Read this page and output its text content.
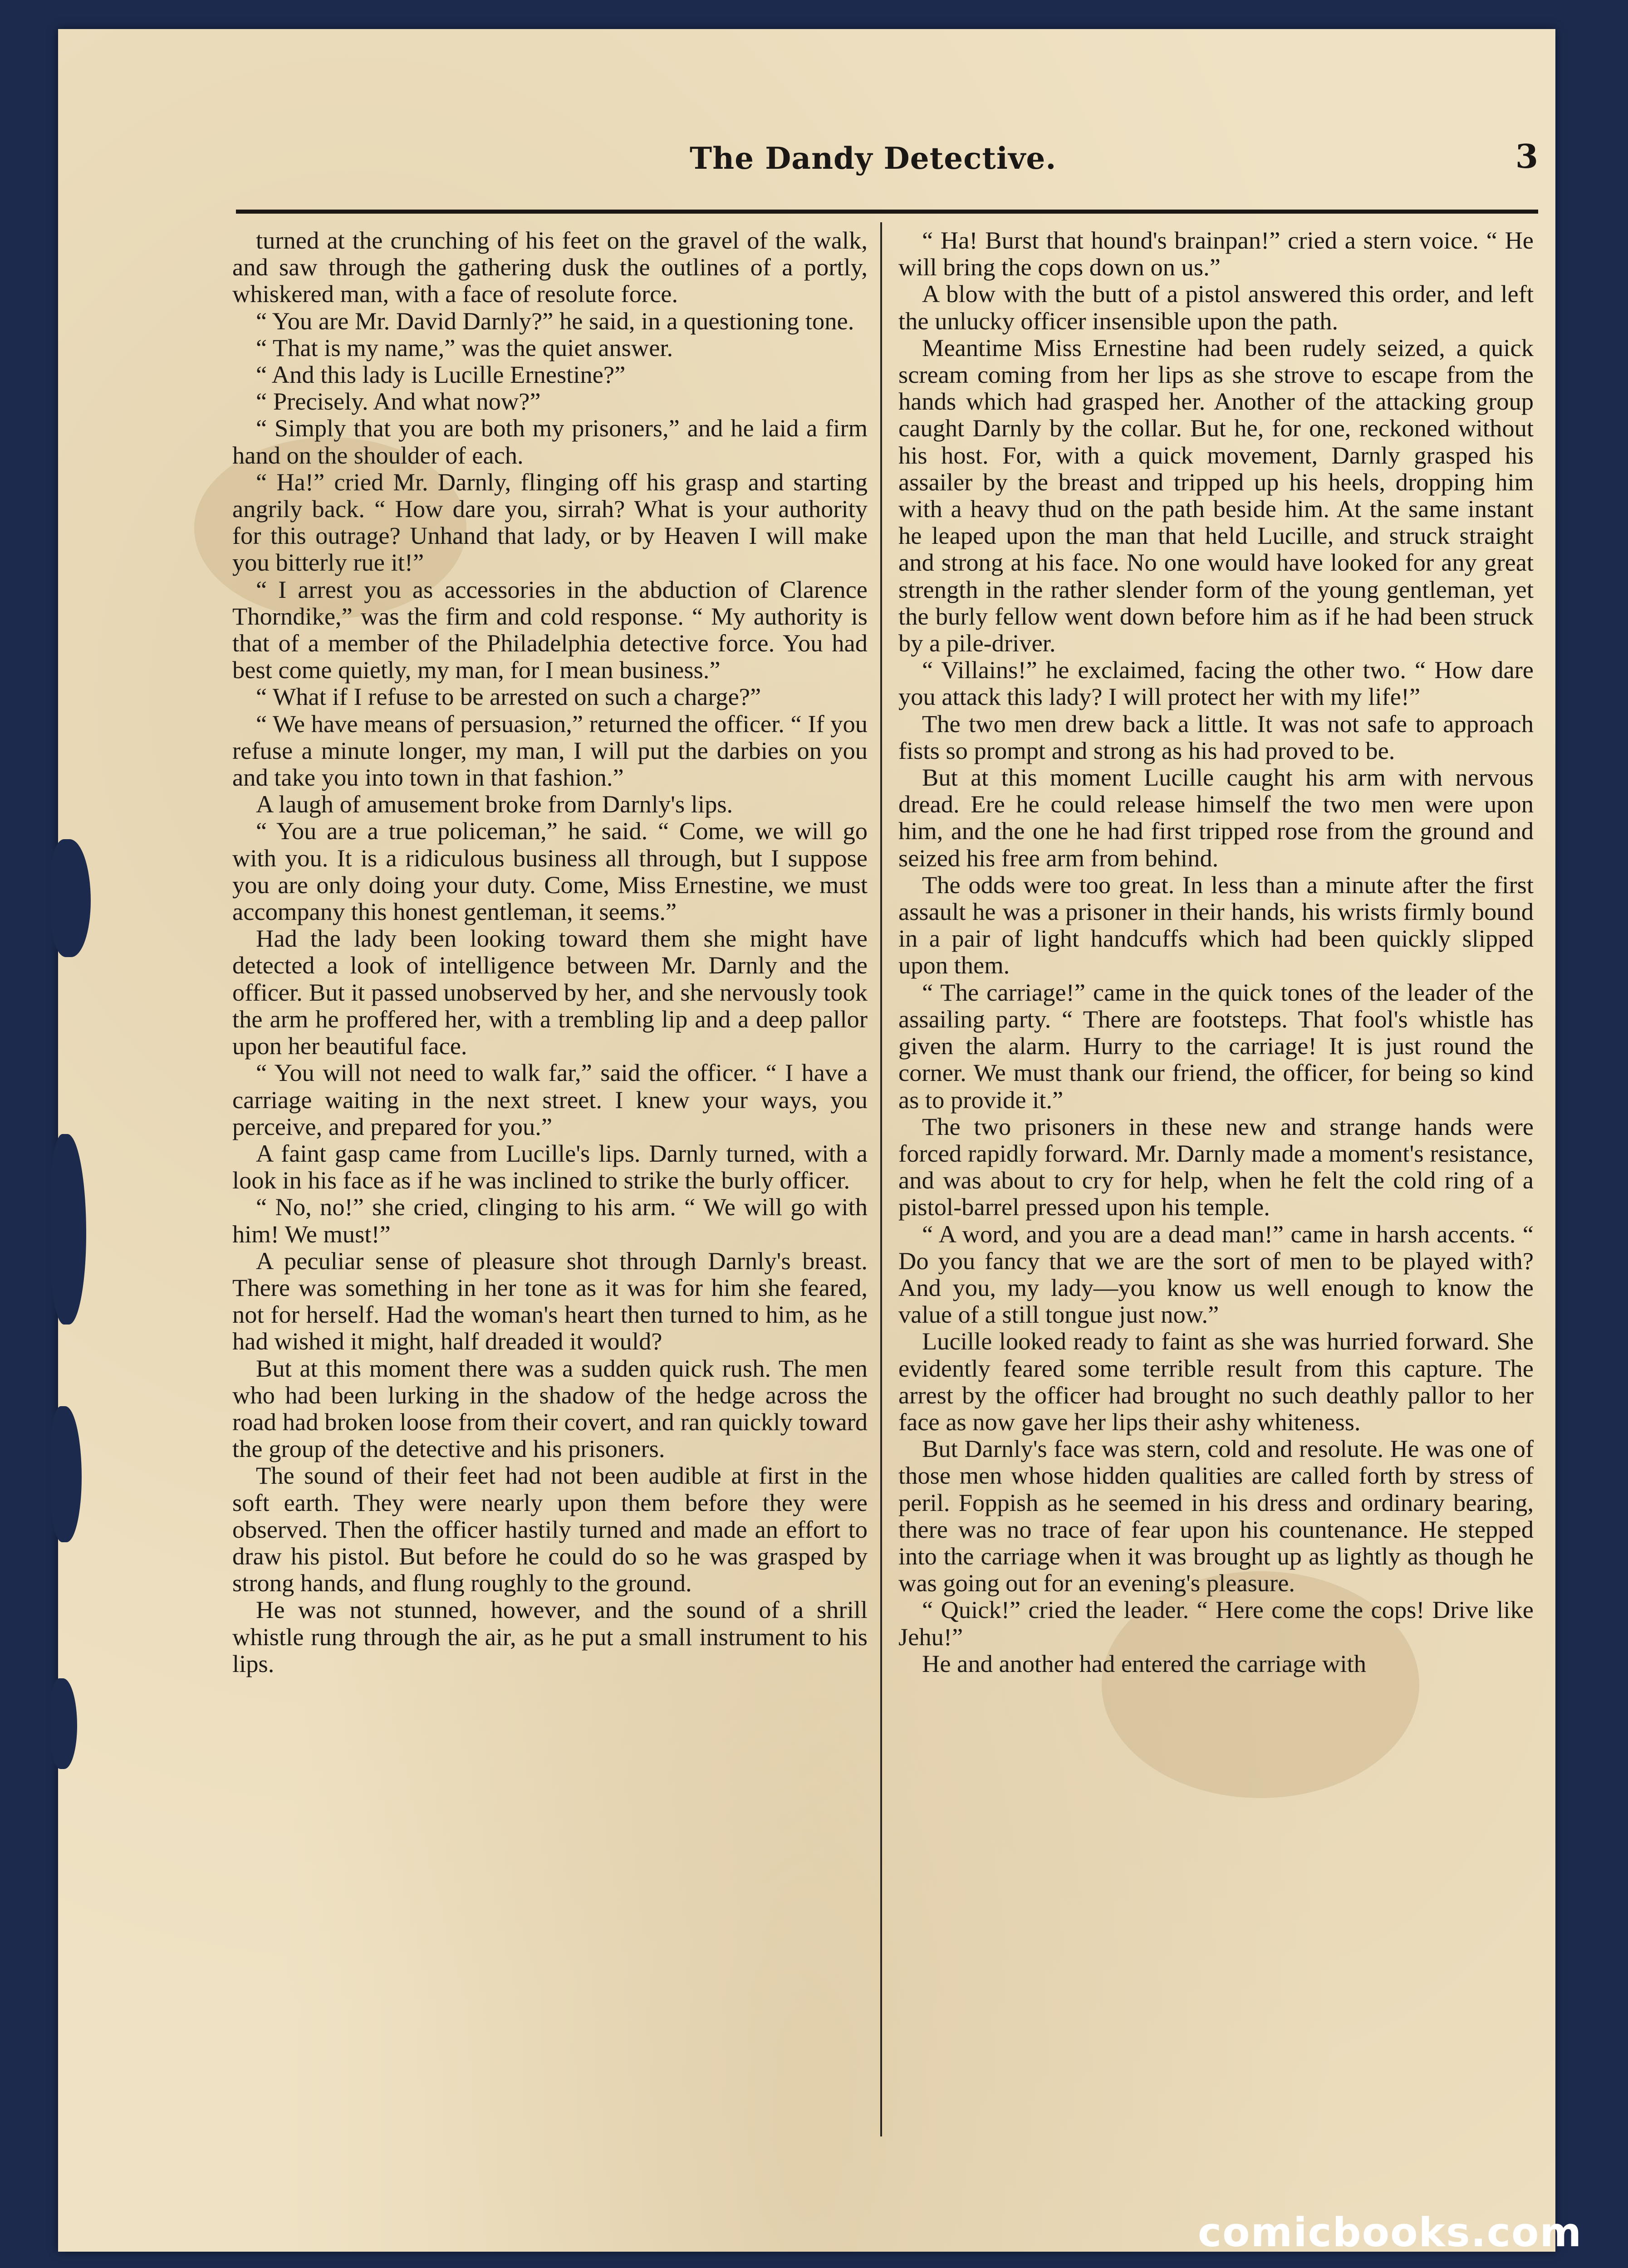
The Dandy Detective.	3

turned at the crunching of his feet on the gravel of the walk, and saw through the gathering dusk the outlines of a portly, whiskered man, with a face of resolute force.

“ You are Mr. David Darnly?” he said, in a questioning tone.

“ That is my name,” was the quiet answer.

“ And this lady is Lucille Ernestine?”

“ Precisely. And what now?”

“ Simply that you are both my prisoners,” and he laid a firm hand on the shoulder of each.

“ Ha!” cried Mr. Darnly, flinging off his grasp and starting angrily back. “ How dare you, sirrah? What is your authority for this outrage? Unhand that lady, or by Heaven I will make you bitterly rue it!”

“ I arrest you as accessories in the abduction of Clarence Thorndike,” was the firm and cold response. “ My authority is that of a member of the Philadelphia detective force. You had best come quietly, my man, for I mean business.”

“ What if I refuse to be arrested on such a charge?”

“ We have means of persuasion,” returned the officer. “ If you refuse a minute longer, my man, I will put the darbies on you and take you into town in that fashion.”

A laugh of amusement broke from Darnly's lips.

“ You are a true policeman,” he said. “ Come, we will go with you. It is a ridiculous business all through, but I suppose you are only doing your duty. Come, Miss Ernestine, we must accompany this honest gentleman, it seems.”

Had the lady been looking toward them she might have detected a look of intelligence between Mr. Darnly and the officer. But it passed unobserved by her, and she nervously took the arm he proffered her, with a trembling lip and a deep pallor upon her beautiful face.

“ You will not need to walk far,” said the officer. “ I have a carriage waiting in the next street. I knew your ways, you perceive, and prepared for you.”

A faint gasp came from Lucille's lips. Darnly turned, with a look in his face as if he was inclined to strike the burly officer.

“ No, no!” she cried, clinging to his arm. “ We will go with him! We must!”

A peculiar sense of pleasure shot through Darnly's breast. There was something in her tone as it was for him she feared, not for herself. Had the woman's heart then turned to him, as he had wished it might, half dreaded it would?

But at this moment there was a sudden quick rush. The men who had been lurking in the shadow of the hedge across the road had broken loose from their covert, and ran quickly toward the group of the detective and his prisoners.

The sound of their feet had not been audible at first in the soft earth. They were nearly upon them before they were observed. Then the officer hastily turned and made an effort to draw his pistol. But before he could do so he was grasped by strong hands, and flung roughly to the ground.

He was not stunned, however, and the sound of a shrill whistle rung through the air, as he put a small instrument to his lips.

“ Ha! Burst that hound's brainpan!” cried a stern voice. “ He will bring the cops down on us.”

A blow with the butt of a pistol answered this order, and left the unlucky officer insensible upon the path.

Meantime Miss Ernestine had been rudely seized, a quick scream coming from her lips as she strove to escape from the hands which had grasped her. Another of the attacking group caught Darnly by the collar. But he, for one, reckoned without his host. For, with a quick movement, Darnly grasped his assailer by the breast and tripped up his heels, dropping him with a heavy thud on the path beside him. At the same instant he leaped upon the man that held Lucille, and struck straight and strong at his face. No one would have looked for any great strength in the rather slender form of the young gentleman, yet the burly fellow went down before him as if he had been struck by a pile-driver.

“ Villains!” he exclaimed, facing the other two. “ How dare you attack this lady? I will protect her with my life!”

The two men drew back a little. It was not safe to approach fists so prompt and strong as his had proved to be.

But at this moment Lucille caught his arm with nervous dread. Ere he could release himself the two men were upon him, and the one he had first tripped rose from the ground and seized his free arm from behind.

The odds were too great. In less than a minute after the first assault he was a prisoner in their hands, his wrists firmly bound in a pair of light handcuffs which had been quickly slipped upon them.

“ The carriage!” came in the quick tones of the leader of the assailing party. “ There are footsteps. That fool's whistle has given the alarm. Hurry to the carriage! It is just round the corner. We must thank our friend, the officer, for being so kind as to provide it.”

The two prisoners in these new and strange hands were forced rapidly forward. Mr. Darnly made a moment's resistance, and was about to cry for help, when he felt the cold ring of a pistol-barrel pressed upon his temple.

“ A word, and you are a dead man!” came in harsh accents. “ Do you fancy that we are the sort of men to be played with? And you, my lady—you know us well enough to know the value of a still tongue just now.”

Lucille looked ready to faint as she was hurried forward. She evidently feared some terrible result from this capture. The arrest by the officer had brought no such deathly pallor to her face as now gave her lips their ashy whiteness.

But Darnly's face was stern, cold and resolute. He was one of those men whose hidden qualities are called forth by stress of peril. Foppish as he seemed in his dress and ordinary bearing, there was no trace of fear upon his countenance. He stepped into the carriage when it was brought up as lightly as though he was going out for an evening's pleasure.

“ Quick!” cried the leader. “ Here come the cops! Drive like Jehu!”

He and another had entered the carriage with

comicbooks.com
